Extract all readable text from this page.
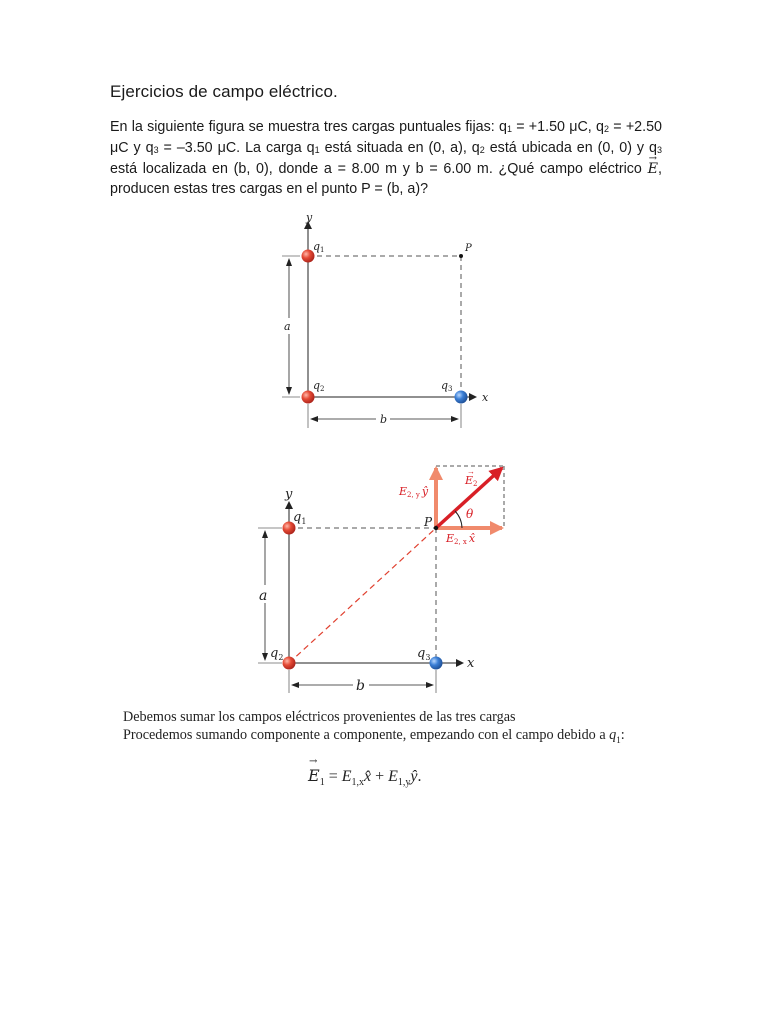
Ejercicios de campo eléctrico.
En la siguiente figura se muestra tres cargas puntuales fijas: $q_1 = +1.50$ μC, $q_2 = +2.50$ μC y $q_3 = -3.50$ μC. La carga $q_1$ está situada en (0, a), $q_2$ está ubicada en (0, 0) y $q_3$ está localizada en (b, 0), donde a = 8.00 m y b = 6.00 m. ¿Qué campo eléctrico → E, producen estas tres cargas en el punto P = (b, a)?
y
x
q1
q2	q3
P
a
b
y
x
$q_1$
$q_2$	$q_3$
P
a
b
E2
→
E2, y ŷ
E2, x x̂
θ
Debemos sumar los campos eléctricos provenientes de las tres cargas
Procedemos sumando componente a componente, empezando con el campo debido a $q_1$:
→ $E_1$ = $E_{1,x}x̂$ + $E_{1,y}ŷ$.
